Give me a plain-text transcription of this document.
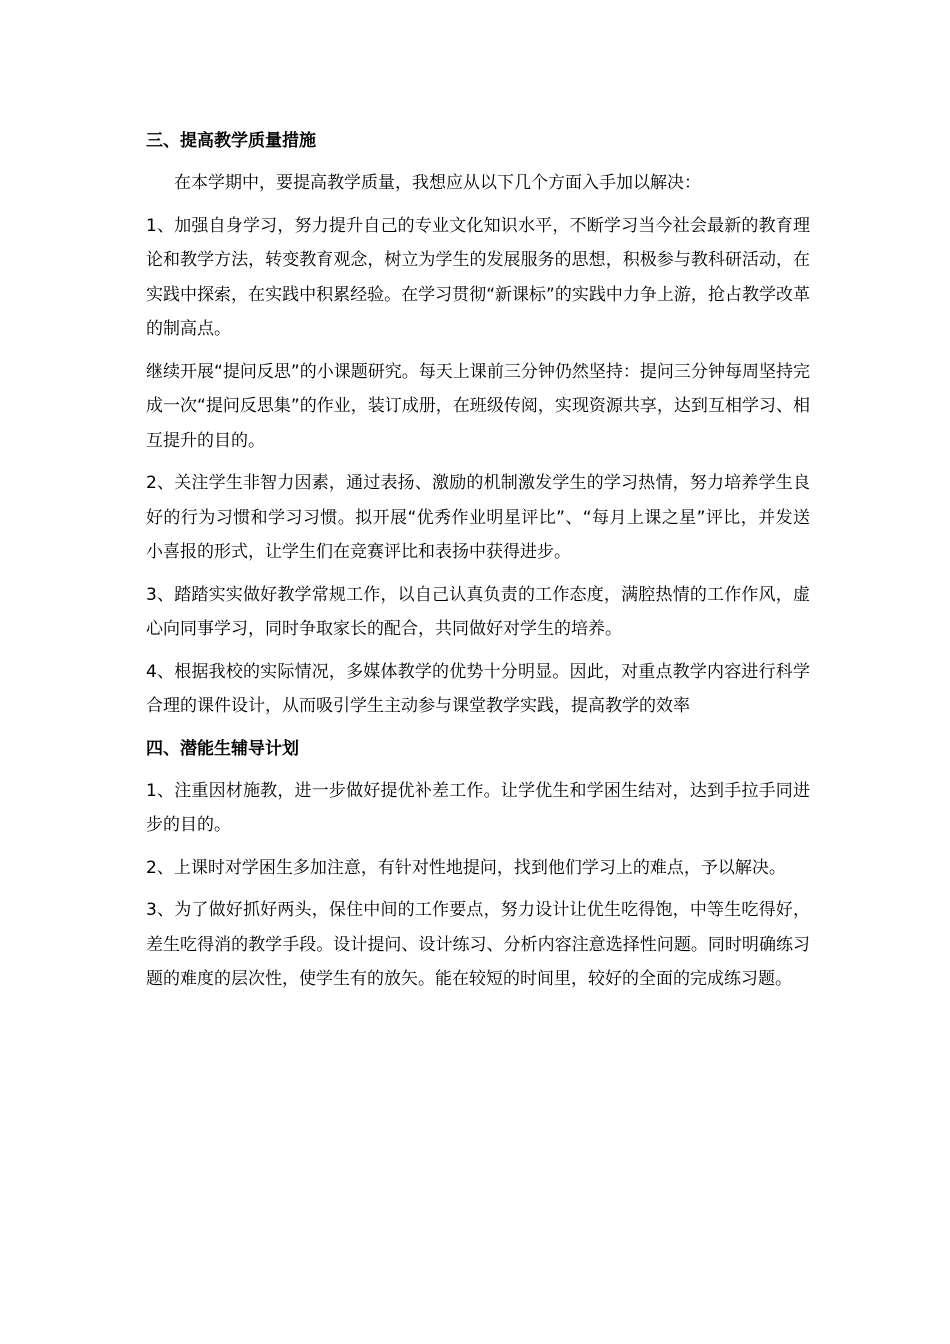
三、提高教学质量措施
在本学期中，要提高教学质量，我想应从以下几个方面入手加以解决：
1、加强自身学习，努力提升自己的专业文化知识水平，不断学习当今社会最新的教育理论和教学方法，转变教育观念，树立为学生的发展服务的思想，积极参与教科研活动，在实践中探索，在实践中积累经验。在学习贯彻“新课标”的实践中力争上游，抢占教学改革的制高点。
继续开展“提问反思”的小课题研究。每天上课前三分钟仍然坚持：提问三分钟每周坚持完成一次“提问反思集”的作业，装订成册，在班级传阅，实现资源共享，达到互相学习、相互提升的目的。
2、关注学生非智力因素，通过表扬、激励的机制激发学生的学习热情，努力培养学生良好的行为习惯和学习习惯。拟开展“优秀作业明星评比”、“每月上课之星”评比，并发送小喜报的形式，让学生们在竞赛评比和表扬中获得进步。
3、踏踏实实做好教学常规工作，以自己认真负责的工作态度，满腔热情的工作作风，虚心向同事学习，同时争取家长的配合，共同做好对学生的培养。
4、根据我校的实际情况，多媒体教学的优势十分明显。因此，对重点教学内容进行科学合理的课件设计，从而吸引学生主动参与课堂教学实践，提高教学的效率
四、潜能生辅导计划
1、注重因材施教，进一步做好提优补差工作。让学优生和学困生结对，达到手拉手同进步的目的。
2、上课时对学困生多加注意，有针对性地提问，找到他们学习上的难点，予以解决。
3、为了做好抓好两头，保住中间的工作要点，努力设计让优生吃得饱，中等生吃得好，差生吃得消的教学手段。设计提问、设计练习、分析内容注意选择性问题。同时明确练习题的难度的层次性，使学生有的放矢。能在较短的时间里，较好的全面的完成练习题。
